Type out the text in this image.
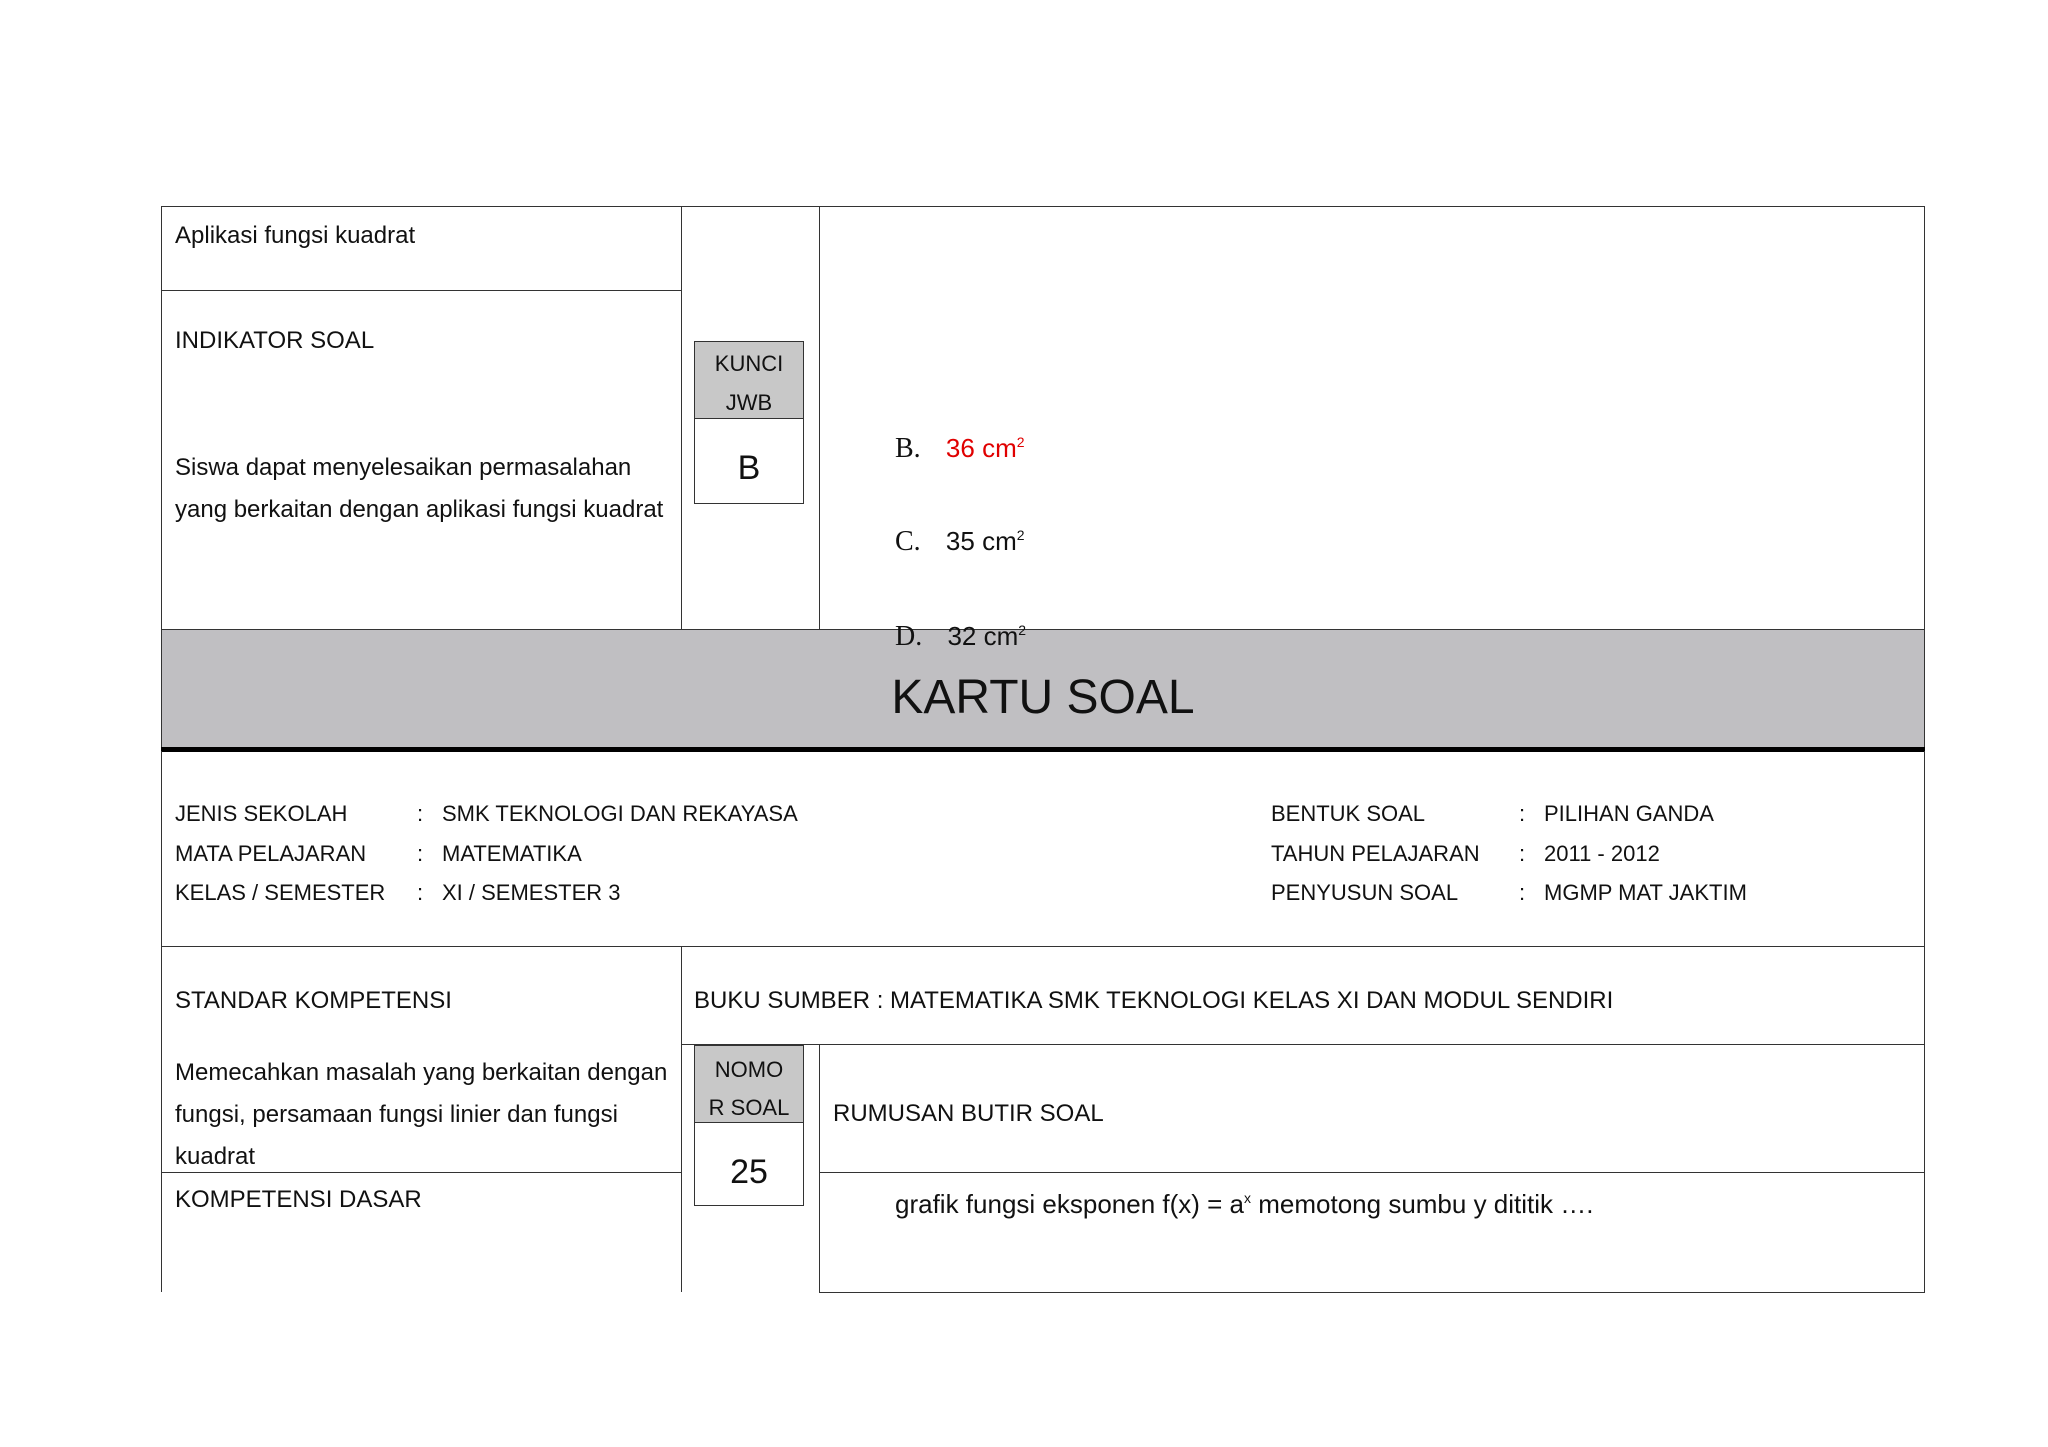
Aplikasi fungsi kuadrat
INDIKATOR SOAL
Siswa dapat menyelesaikan permasalahan yang berkaitan dengan aplikasi fungsi kuadrat
KUNCI
JWB
B
B. 36 $cm^2$
C. 35 $cm^2$
KARTU SOAL
D. 32 $cm^2$
JENIS SEKOLAH	: SMK TEKNOLOGI DAN REKAYASA
MATA PELAJARAN : MATEMATIKA
KELAS / SEMESTER : XI / SEMESTER 3
BENTUK SOAL	: PILIHAN GANDA
TAHUN PELAJARAN : 2011 - 2012
PENYUSUN SOAL	: MGMP MAT JAKTIM
STANDAR KOMPETENSI
Memecahkan masalah yang berkaitan dengan fungsi, persamaan fungsi linier dan fungsi kuadrat
KOMPETENSI DASAR
BUKU SUMBER : MATEMATIKA SMK TEKNOLOGI KELAS XI DAN MODUL SENDIRI
NOMO
R SOAL
25
RUMUSAN BUTIR SOAL
grafik fungsi eksponen $f(x) = a^x$ memotong sumbu y dititik ….
